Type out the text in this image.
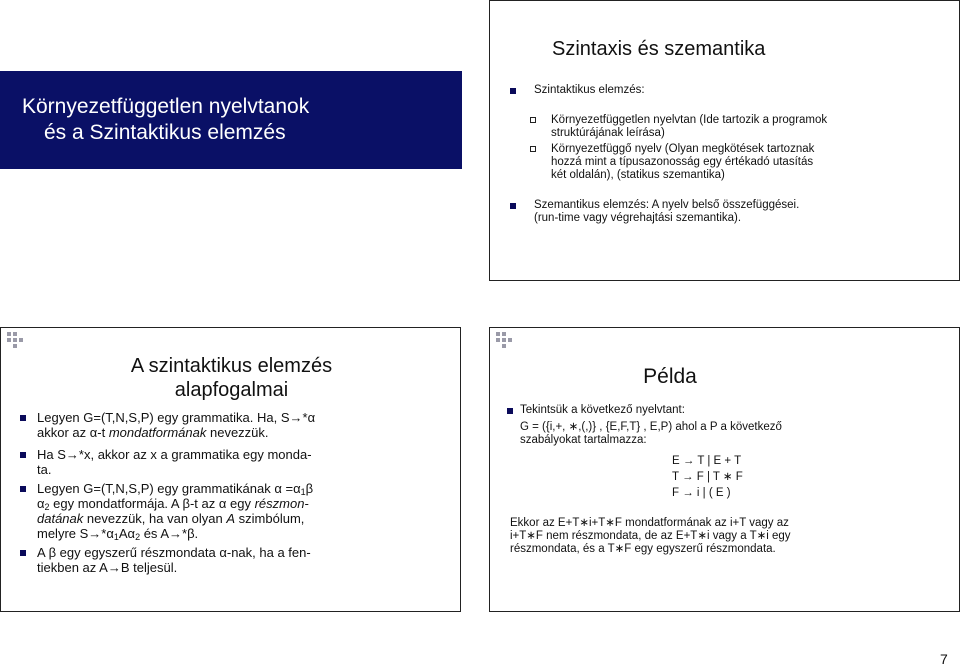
Környezetfüggetlen nyelvtanok
és a Szintaktikus elemzés
Szintaxis és szemantika
Szintaktikus elemzés:
Környezetfüggetlen nyelvtan (Ide tartozik a programok
struktúrájának leírása)
Környezetfüggő nyelv (Olyan megkötések tartoznak
hozzá mint a típusazonosság egy értékadó utasítás
két oldalán), (statikus szemantika)
Szemantikus elemzés: A nyelv belső összefüggései.
(run-time vagy végrehajtási szemantika).
A szintaktikus elemzés
alapfogalmai
Legyen G=(T,N,S,P) egy grammatika. Ha, S→*α
akkor az α-t mondatformának nevezzük.
Ha S→*x, akkor az x a grammatika egy monda-
ta.
Legyen G=(T,N,S,P) egy grammatikának $\alpha =\alpha_1\beta$
$\alpha_2$ egy mondatformája. A β-t az α egy részmon-
datának nevezzük, ha van olyan A szimbólum,
melyre $S\to*\alpha_1A\alpha_2$ és A→*β.
A β egy egyszerű részmondata α-nak, ha a fen-
tiekben az A→B teljesül.
Példa
Tekintsük a következő nyelvtant:
G = ({i,+, ∗,(,)} , {E,F,T} , E,P) ahol a P a következő
szabályokat tartalmazza:
E → T | E + T
T → F | T ∗ F
F → i | ( E )
Ekkor az E+T∗i+T∗F mondatformának az i+T vagy az
i+T∗F nem részmondata, de az E+T∗i vagy a T∗i egy
részmondata, és a T∗F egy egyszerű részmondata.
7
